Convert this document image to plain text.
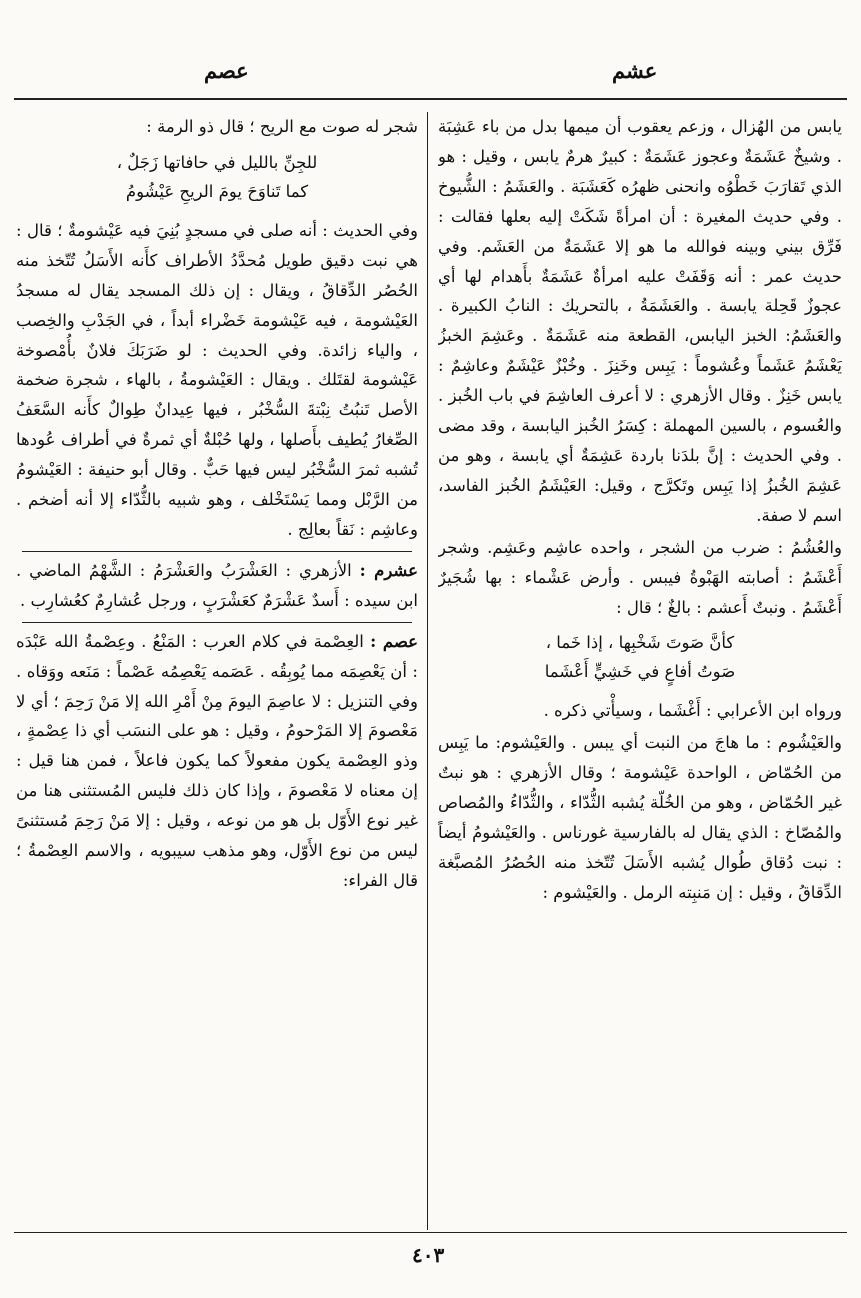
عشم
عصم

يابس من الهُزال ، وزعم يعقوب أن ميمها بدل من باء عَشِبَة . وشيخٌ عَشَمَةٌ وعجوز عَشَمَةٌ : كبيرٌ هرمٌ يابس ، وقيل : هو الذي تَقارَبَ خَطْوُه وانحنى ظهرُه كَعَشَبَة . والعَشَمُ : الشُّيوخ . وفي حديث المغيرة : أن امرأةً شَكَتْ إليه بعلها فقالت : فَرِّق بيني وبينه فوالله ما هو إلا عَشَمَةٌ من العَشَم. وفي حديث عمر : أنه وَقَفَتْ عليه امرأةٌ عَشَمَةٌ بأَهدام لها أي عجوزٌ قَحِلة يابسة . والعَشَمَةُ ، بالتحريك : النابُ الكبيرة . والعَشَمُ: الخبز اليابس، القطعة منه عَشَمَةٌ . وعَشِمَ الخبزُ يَعْشَمُ عَشَماً وعُشوماً : يَبِس وخَنِزَ . وخُبْزٌ عَيْشَمٌ وعاشِمٌ : يابس خَنِزٌ . وقال الأزهري : لا أعرف العاشِمَ في باب الخُبز . والعُسوم ، بالسين المهملة : كِسَرُ الخُبز اليابسة ، وقد مضى . وفي الحديث : إنَّ بلدَنا باردة عَشِمَةٌ أي يابسة ، وهو من عَشِمَ الخُبزُ إذا يَبِس وتَكرَّج ، وقيل: العَيْشَمُ الخُبز الفاسد، اسم لا صفة.

والعُشُمُ : ضرب من الشجر ، واحده عاشِم وعَشِم. وشجر أَعْشَمُ : أصابته الهَبْوةُ فيبس . وأرض عَشْماء : بها شُجَيرٌ أَعْشَمُ . ونبتٌ أَعشم : بالغٌ ؛ قال :

كأنَّ صَوتَ شَخْبِها ، إذا خَما ،
صَوتُ أفاعٍ في خَشِيٍّ أَعْشَما

ورواه ابن الأعرابي : أَغْشَما ، وسيأْتي ذكره .

والعَيْشُوم : ما هاجَ من النبت أي يبس . والعَيْشوم: ما يَبِس من الحُمّاض ، الواحدة عَيْشومة ؛ وقال الأزهري : هو نبتٌ غير الحُمّاض ، وهو من الخُلّة يُشبه الثُّدّاء ، والثُّدّاءُ والمُصاص والمُصّاخ : الذي يقال له بالفارسية غورناس . والعَيْشومُ أيضاً : نبت دُقاق طُوال يُشبه الأَسَلَ تُتّخذ منه الحُصُرُ المُصبَّغة الدِّقاقُ ، وقيل : إن مَنبِته الرمل . والعَيْشوم :

شجر له صوت مع الريح ؛ قال ذو الرمة :

للجِنِّ بالليل في حافاتها زَجَلٌ ،
كما تَناوَحَ يومَ الريحِ عَيْشُومُ

وفي الحديث : أنه صلى في مسجدٍ بُنِيَ فيه عَيْشومةٌ ؛ قال : هي نبت دقيق طويل مُحدَّدُ الأطراف كأَنه الأَسَلُ تُتّخذ منه الحُصُر الدِّقاقُ ، ويقال : إن ذلك المسجد يقال له مسجدُ العَيْشومة ، فيه عَيْشومة خَضْراء أبداً ، في الجَدْبِ والخِصب ، والياء زائدة. وفي الحديث : لو ضَرَبَكَ فلانٌ بأُمْصوخة عَيْشومة لقتَلك . ويقال : العَيْشومةُ ، بالهاء ، شجرة ضخمة الأصل تَنبُتُ نِبْتةَ السُّخْبُر ، فيها عِيدانٌ طِوالٌ كأَنه السَّعَفُ الصِّغارُ يُطيف بأَصلها ، ولها حُبْلةٌ أي ثمرةٌ في أطراف عُودها تُشبه ثمرَ السُّخْبُر ليس فيها حَبٌّ . وقال أبو حنيفة : العَيْشومُ من الرَّبْل ومما يَسْتَخْلف ، وهو شبيه بالثُّدّاء إلا أنه أضخم . وعاشِم : نَقاً بعالِج .

عشرم : الأزهري : العَشْرَبُ والعَشْرَمُ : الشَّهْمُ الماضي . ابن سيده : أَسدٌ عَشْرَمٌ كعَشْرَبٍ ، ورجل عُشارِمٌ كعُشارِب .

عصم : العِصْمة في كلام العرب : المَنْعُ . وعِصْمةُ الله عَبْدَه : أن يَعْصِمَه مما يُوبِقُه . عَصَمه يَعْصِمُه عَصْماً : مَنَعه ووَقاه . وفي التنزيل : لا عاصِمَ اليومَ مِنْ أَمْرِ الله إلا مَنْ رَحِمَ ؛ أي لا مَعْصومَ إلا المَرْحومُ ، وقيل : هو على النسَب أي ذا عِصْمةٍ ، وذو العِصْمة يكون مفعولاً كما يكون فاعلاً ، فمن هنا قيل : إن معناه لا مَعْصومَ ، وإذا كان ذلك فليس المُستثنى هنا من غير نوع الأَوّل بل هو من نوعه ، وقيل : إلا مَنْ رَحِمَ مُستثنىً ليس من نوع الأَوّل، وهو مذهب سيبويه ، والاسم العِصْمةُ ؛ قال الفراء:

٤٠٣
